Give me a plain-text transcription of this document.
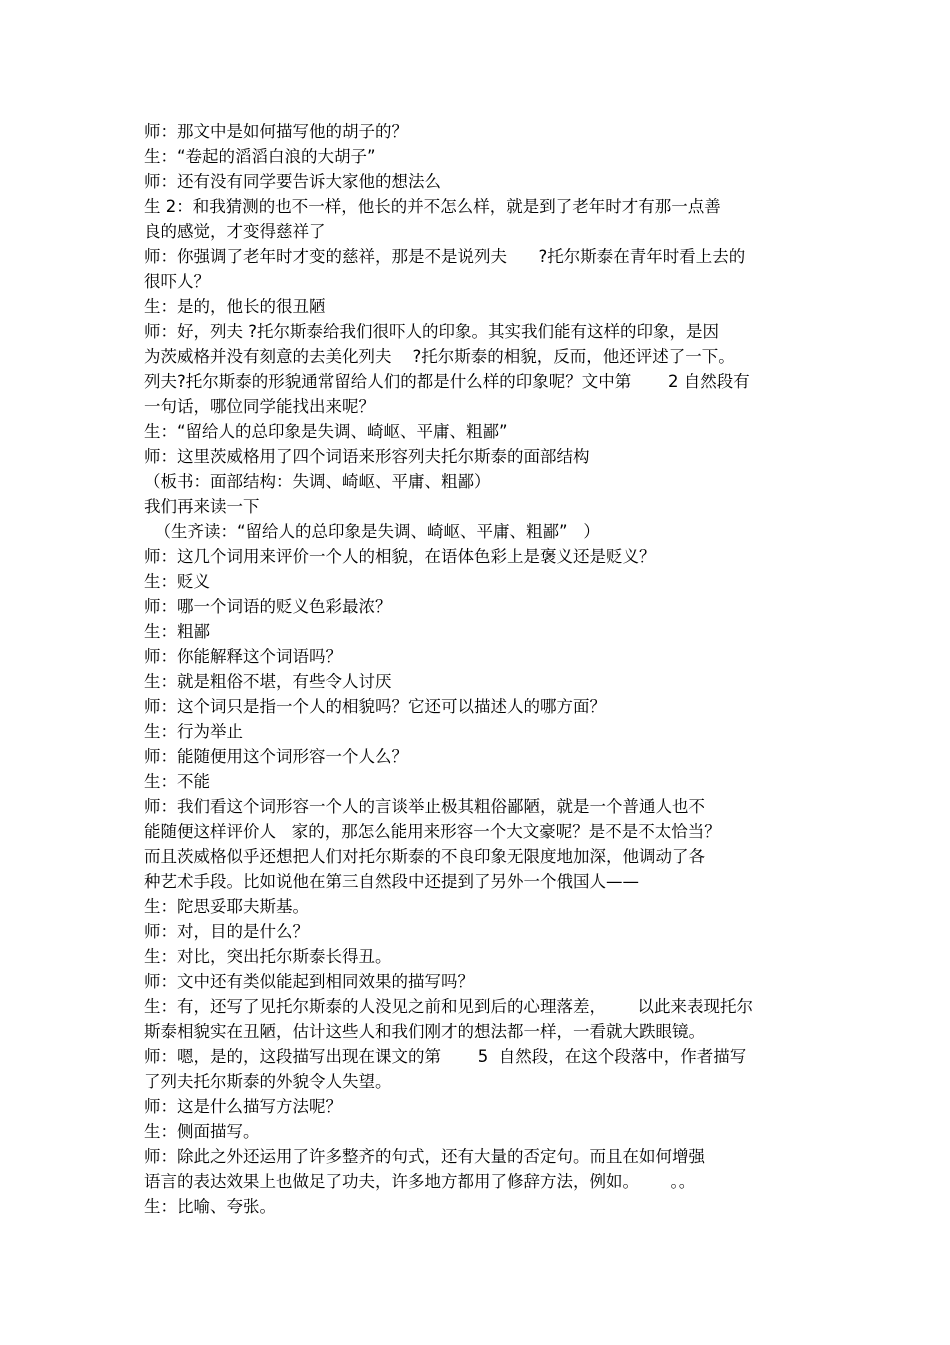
师：那文中是如何描写他的胡子的？
生：“卷起的滔滔白浪的大胡子”
师：还有没有同学要告诉大家他的想法么
生 2：和我猜测的也不一样，他长的并不怎么样，就是到了老年时才有那一点善
良的感觉，才变得慈祥了
师：你强调了老年时才变的慈祥，那是不是说列夫      ?托尔斯泰在青年时看上去的
很吓人？
生：是的，他长的很丑陋
师：好，列夫 ?托尔斯泰给我们很吓人的印象。其实我们能有这样的印象，是因
为茨威格并没有刻意的去美化列夫    ?托尔斯泰的相貌，反而，他还评述了一下。
列夫?托尔斯泰的形貌通常留给人们的都是什么样的印象呢？文中第       2 自然段有
一句话，哪位同学能找出来呢？
生：“留给人的总印象是失调、崎岖、平庸、粗鄙”
师：这里茨威格用了四个词语来形容列夫托尔斯泰的面部结构
（板书：面部结构：失调、崎岖、平庸、粗鄙）
我们再来读一下
（生齐读：“留给人的总印象是失调、崎岖、平庸、粗鄙”   ）
师：这几个词用来评价一个人的相貌，在语体色彩上是褒义还是贬义？
生：贬义
师：哪一个词语的贬义色彩最浓？
生：粗鄙
师：你能解释这个词语吗？
生：就是粗俗不堪，有些令人讨厌
师：这个词只是指一个人的相貌吗？它还可以描述人的哪方面？
生：行为举止
师：能随便用这个词形容一个人么？
生：不能
师：我们看这个词形容一个人的言谈举止极其粗俗鄙陋，就是一个普通人也不
能随便这样评价人   家的，那怎么能用来形容一个大文豪呢？是不是不太恰当？
而且茨威格似乎还想把人们对托尔斯泰的不良印象无限度地加深，他调动了各
种艺术手段。比如说他在第三自然段中还提到了另外一个俄国人——
生：陀思妥耶夫斯基。
师：对，目的是什么？
生：对比，突出托尔斯泰长得丑。
师：文中还有类似能起到相同效果的描写吗？
生：有，还写了见托尔斯泰的人没见之前和见到后的心理落差，      以此来表现托尔
斯泰相貌实在丑陋，估计这些人和我们刚才的想法都一样，一看就大跌眼镜。
师：嗯，是的，这段描写出现在课文的第       5  自然段，在这个段落中，作者描写
了列夫托尔斯泰的外貌令人失望。
师：这是什么描写方法呢？
生：侧面描写。
师：除此之外还运用了许多整齐的句式，还有大量的否定句。而且在如何增强
语言的表达效果上也做足了功夫，许多地方都用了修辞方法，例如。      。。
生：比喻、夸张。
